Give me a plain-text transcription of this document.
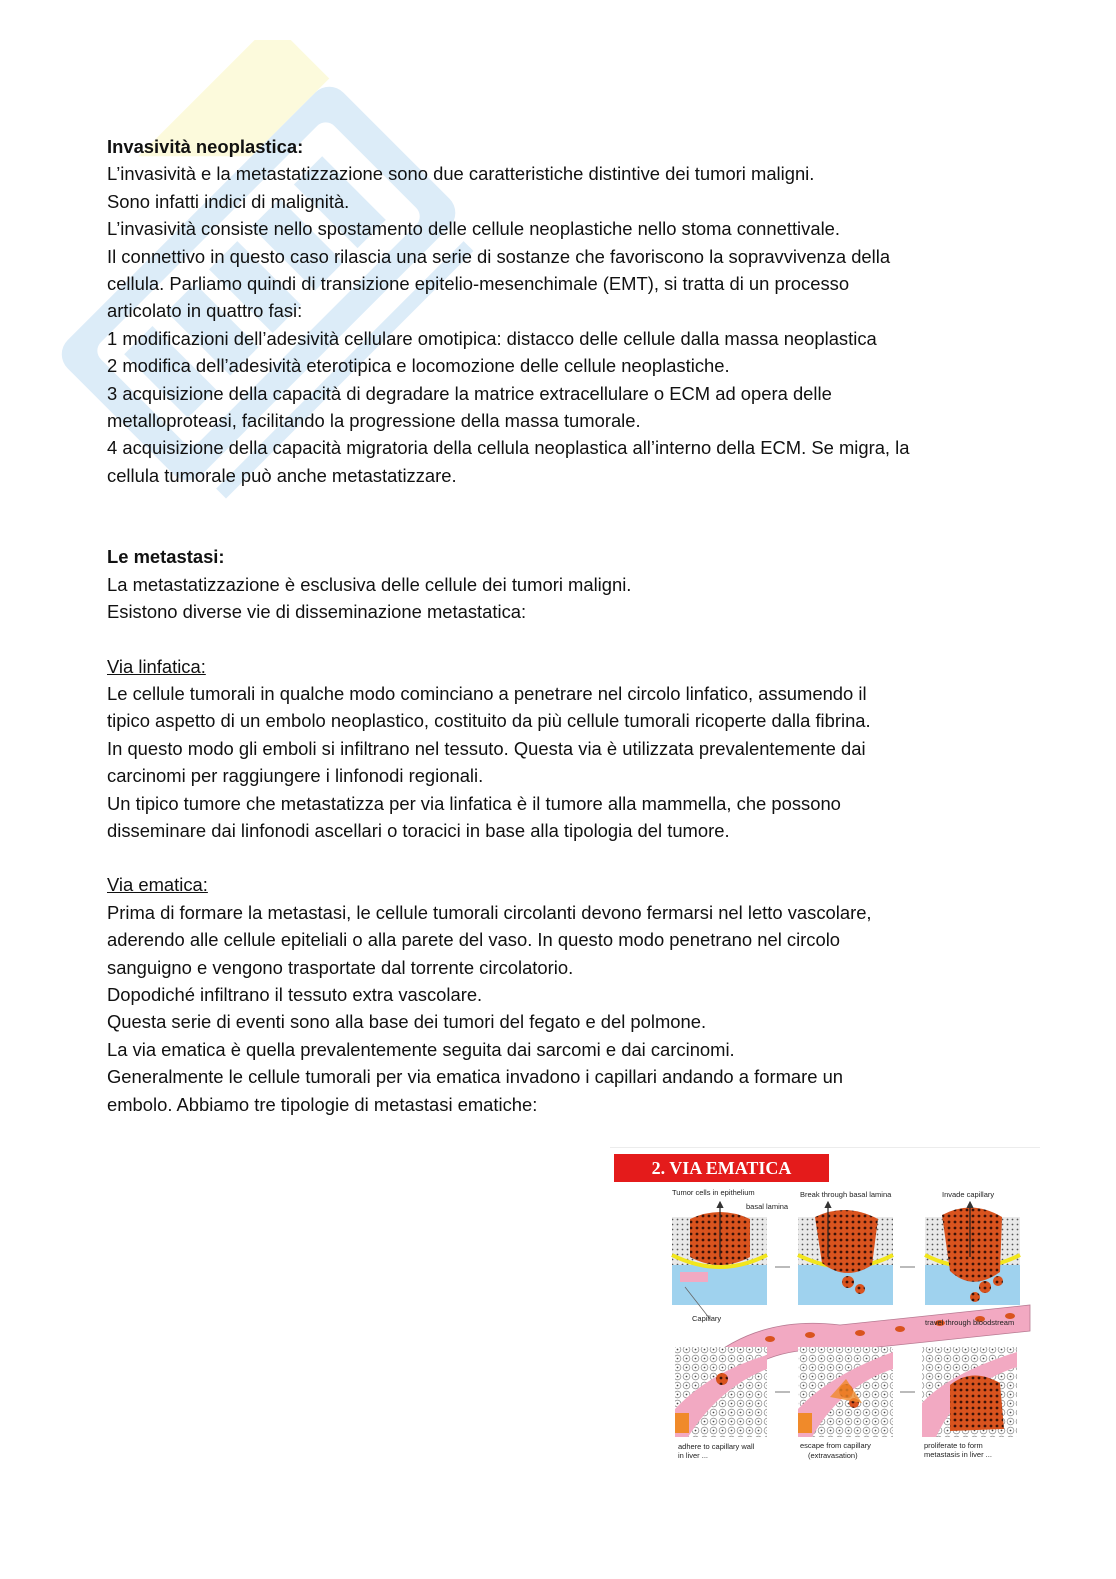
Invasività neoplastica:

L’invasività e la metastatizzazione sono due caratteristiche distintive dei tumori maligni.

Sono infatti indici di malignità.

L’invasività consiste nello spostamento delle cellule neoplastiche nello stoma connettivale.

Il connettivo in questo caso rilascia una serie di sostanze che favoriscono la sopravvivenza della

cellula. Parliamo quindi di transizione epitelio-mesenchimale (EMT), si tratta di un processo

articolato in quattro fasi:

1 modificazioni dell’adesività cellulare omotipica: distacco delle cellule dalla massa neoplastica

2 modifica dell’adesività eterotipica e locomozione delle cellule neoplastiche.

3 acquisizione della capacità di degradare la matrice extracellulare o ECM ad opera delle

metalloproteasi, facilitando la progressione della massa tumorale.

4 acquisizione della capacità migratoria della cellula neoplastica all’interno della ECM. Se migra, la

cellula tumorale può anche metastatizzare.

Le metastasi:

La metastatizzazione è esclusiva delle cellule dei tumori maligni.

Esistono diverse vie di disseminazione metastatica:

Via linfatica:

Le cellule tumorali in qualche modo cominciano a penetrare nel circolo linfatico, assumendo il

tipico aspetto di un embolo neoplastico, costituito da più cellule tumorali ricoperte dalla fibrina.

In questo modo gli emboli si infiltrano nel tessuto. Questa via è utilizzata prevalentemente dai

carcinomi per raggiungere i linfonodi regionali.

Un tipico tumore che metastatizza per via linfatica è il tumore alla mammella, che possono

disseminare dai linfonodi ascellari o toracici in base alla tipologia del tumore.

Via ematica:

Prima di formare la metastasi, le cellule tumorali circolanti devono fermarsi nel letto vascolare,

aderendo alle cellule epiteliali o alla parete del vaso. In questo modo penetrano nel circolo

sanguigno e vengono trasportate dal torrente circolatorio.

Dopodiché infiltrano il tessuto extra vascolare.

Questa serie di eventi sono alla base dei tumori del fegato e del polmone.

La via ematica è quella prevalentemente seguita dai sarcomi e dai carcinomi.

Generalmente le cellule tumorali per via ematica invadono i capillari andando a formare un

embolo. Abbiamo tre tipologie di metastasi ematiche:

Tumor cells in epithelium
basal lamina
Break through basal lamina	Invade capillary
Capillary	travel through bloodstream
adhere to capillary wall
in liver ...
escape from capillary
(extravasation)
proliferate to form
metastasis in liver ...
2. VIA EMATICA
